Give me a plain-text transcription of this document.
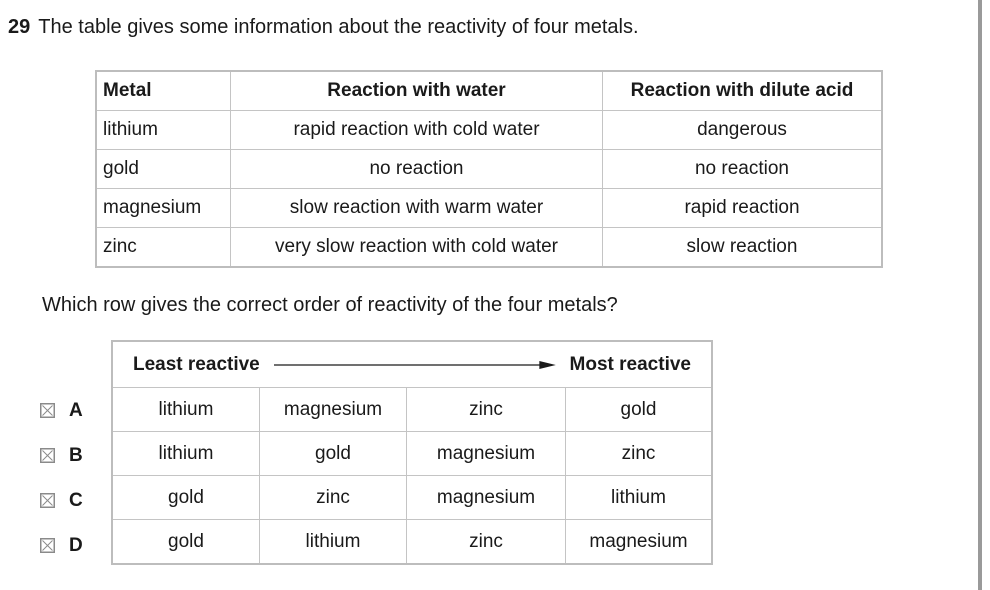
29 The table gives some information about the reactivity of four metals.
Metal	Reaction with water	Reaction with dilute acid
lithium	rapid reaction with cold water	dangerous
gold	no reaction	no reaction
magnesium	slow reaction with warm water	rapid reaction
zinc	very slow reaction with cold water	slow reaction
Which row gives the correct order of reactivity of the four metals?
A
B
C
D
Least reactive Most reactive			

lithium	magnesium	zinc	gold
lithium	gold	magnesium	zinc
gold	zinc	magnesium	lithium
gold	lithium	zinc	magnesium
